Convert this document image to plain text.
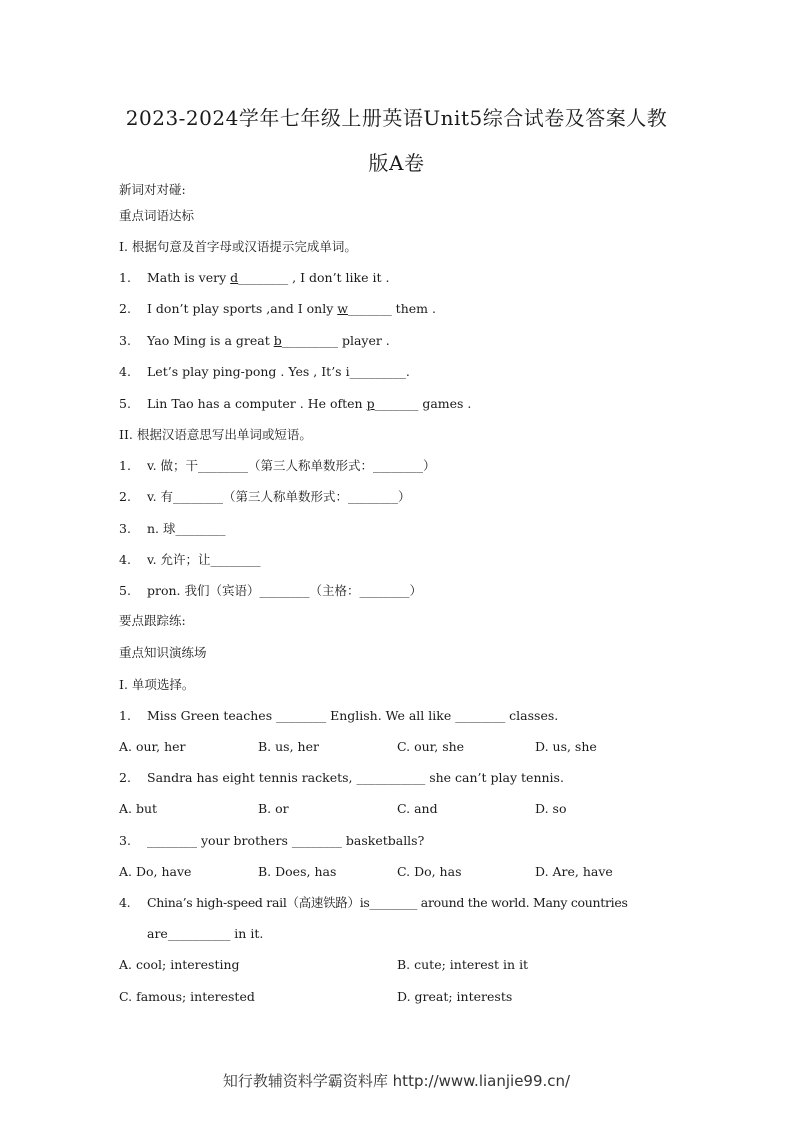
2023-2024学年七年级上册英语Unit5综合试卷及答案人教
版A卷

新词对对碰:

重点词语达标

I. 根据句意及首字母或汉语提示完成单词。

1. Math is very d________ , I don’t like it .

2. I don’t play sports ,and I only w_______ them .

3. Yao Ming is a great b_________ player .

4. Let’s play ping-pong . Yes , It’s i_________.

5. Lin Tao has a computer . He often p_______ games .

II. 根据汉语意思写出单词或短语。

1. v. 做；干________（第三人称单数形式：________）

2. v. 有________（第三人称单数形式：________）

3. n. 球________

4. v. 允许；让________

5. pron. 我们（宾语）________（主格：________）

要点跟踪练:

重点知识演练场

I. 单项选择。

1. Miss Green teaches ________ English. We all like ________ classes.

A. our, her	B. us, her	C. our, she	D. us, she

2. Sandra has eight tennis rackets, ___________ she can’t play tennis.

A. but	B. or	C. and	D. so

3. ________ your brothers ________ basketballs?

A. Do, have	B. Does, has	C. Do, has	D. Are, have

4. China’s high-speed rail（高速铁路）is________ around the world. Many countries

are__________ in it.

A. cool; interesting	B. cute; interest in it

C. famous; interested	D. great; interests

知行教辅资料学霸资料库 http://www.lianjie99.cn/
